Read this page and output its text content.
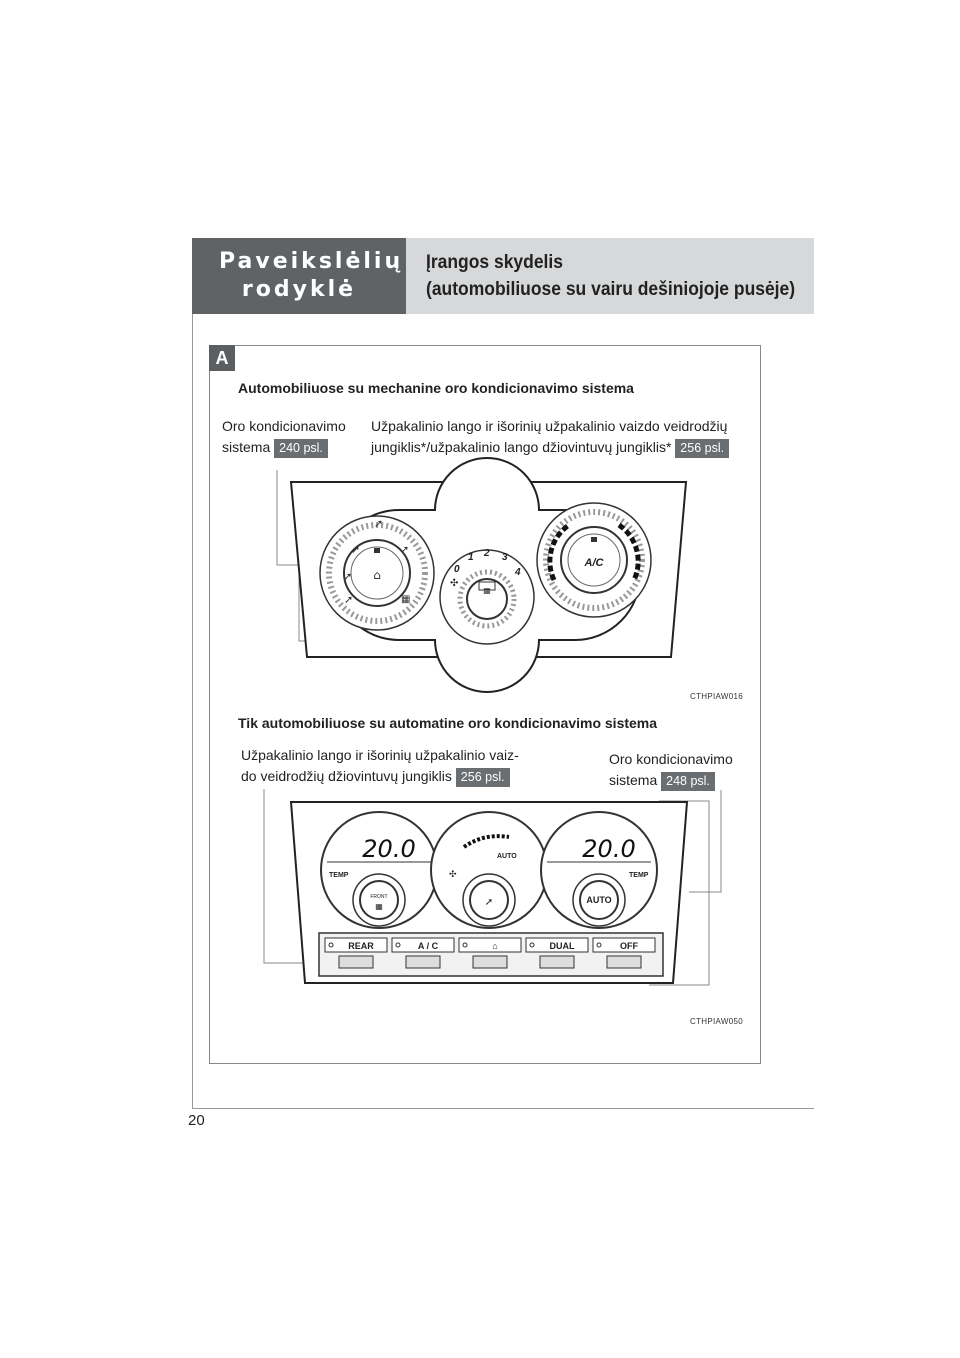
Paveikslėlių rodyklė
Įrangos skydelis
(automobiliuose su vairu dešiniojoje pusėje)
20
A
Automobiliuose su mechanine oro kondicionavimo sistema
Oro kondicionavimo
sistema 240 psl.
Užpakalinio lango ir išorinių užpakalinio vaizdo veidrodžių
jungiklis*/užpakalinio lango džiovintuvų jungiklis* 256 psl.
⌂
➚
➚
➚
➚
➚	▦
▦
0
1 2 3
4
✣
A/C
CTHPIAW016
Tik automobiliuose su automatine oro kondicionavimo sistema
Užpakalinio lango ir išorinių užpakalinio vaiz-
do veidrodžių džiovintuvų jungiklis 256 psl.
Oro kondicionavimo
sistema 248 psl.
20.0
TEMP
FRONT
▦
AUTO
✣
➚
20.0
TEMP
AUTO
REAR	A / C	⌂	DUAL	OFF
CTHPIAW050
